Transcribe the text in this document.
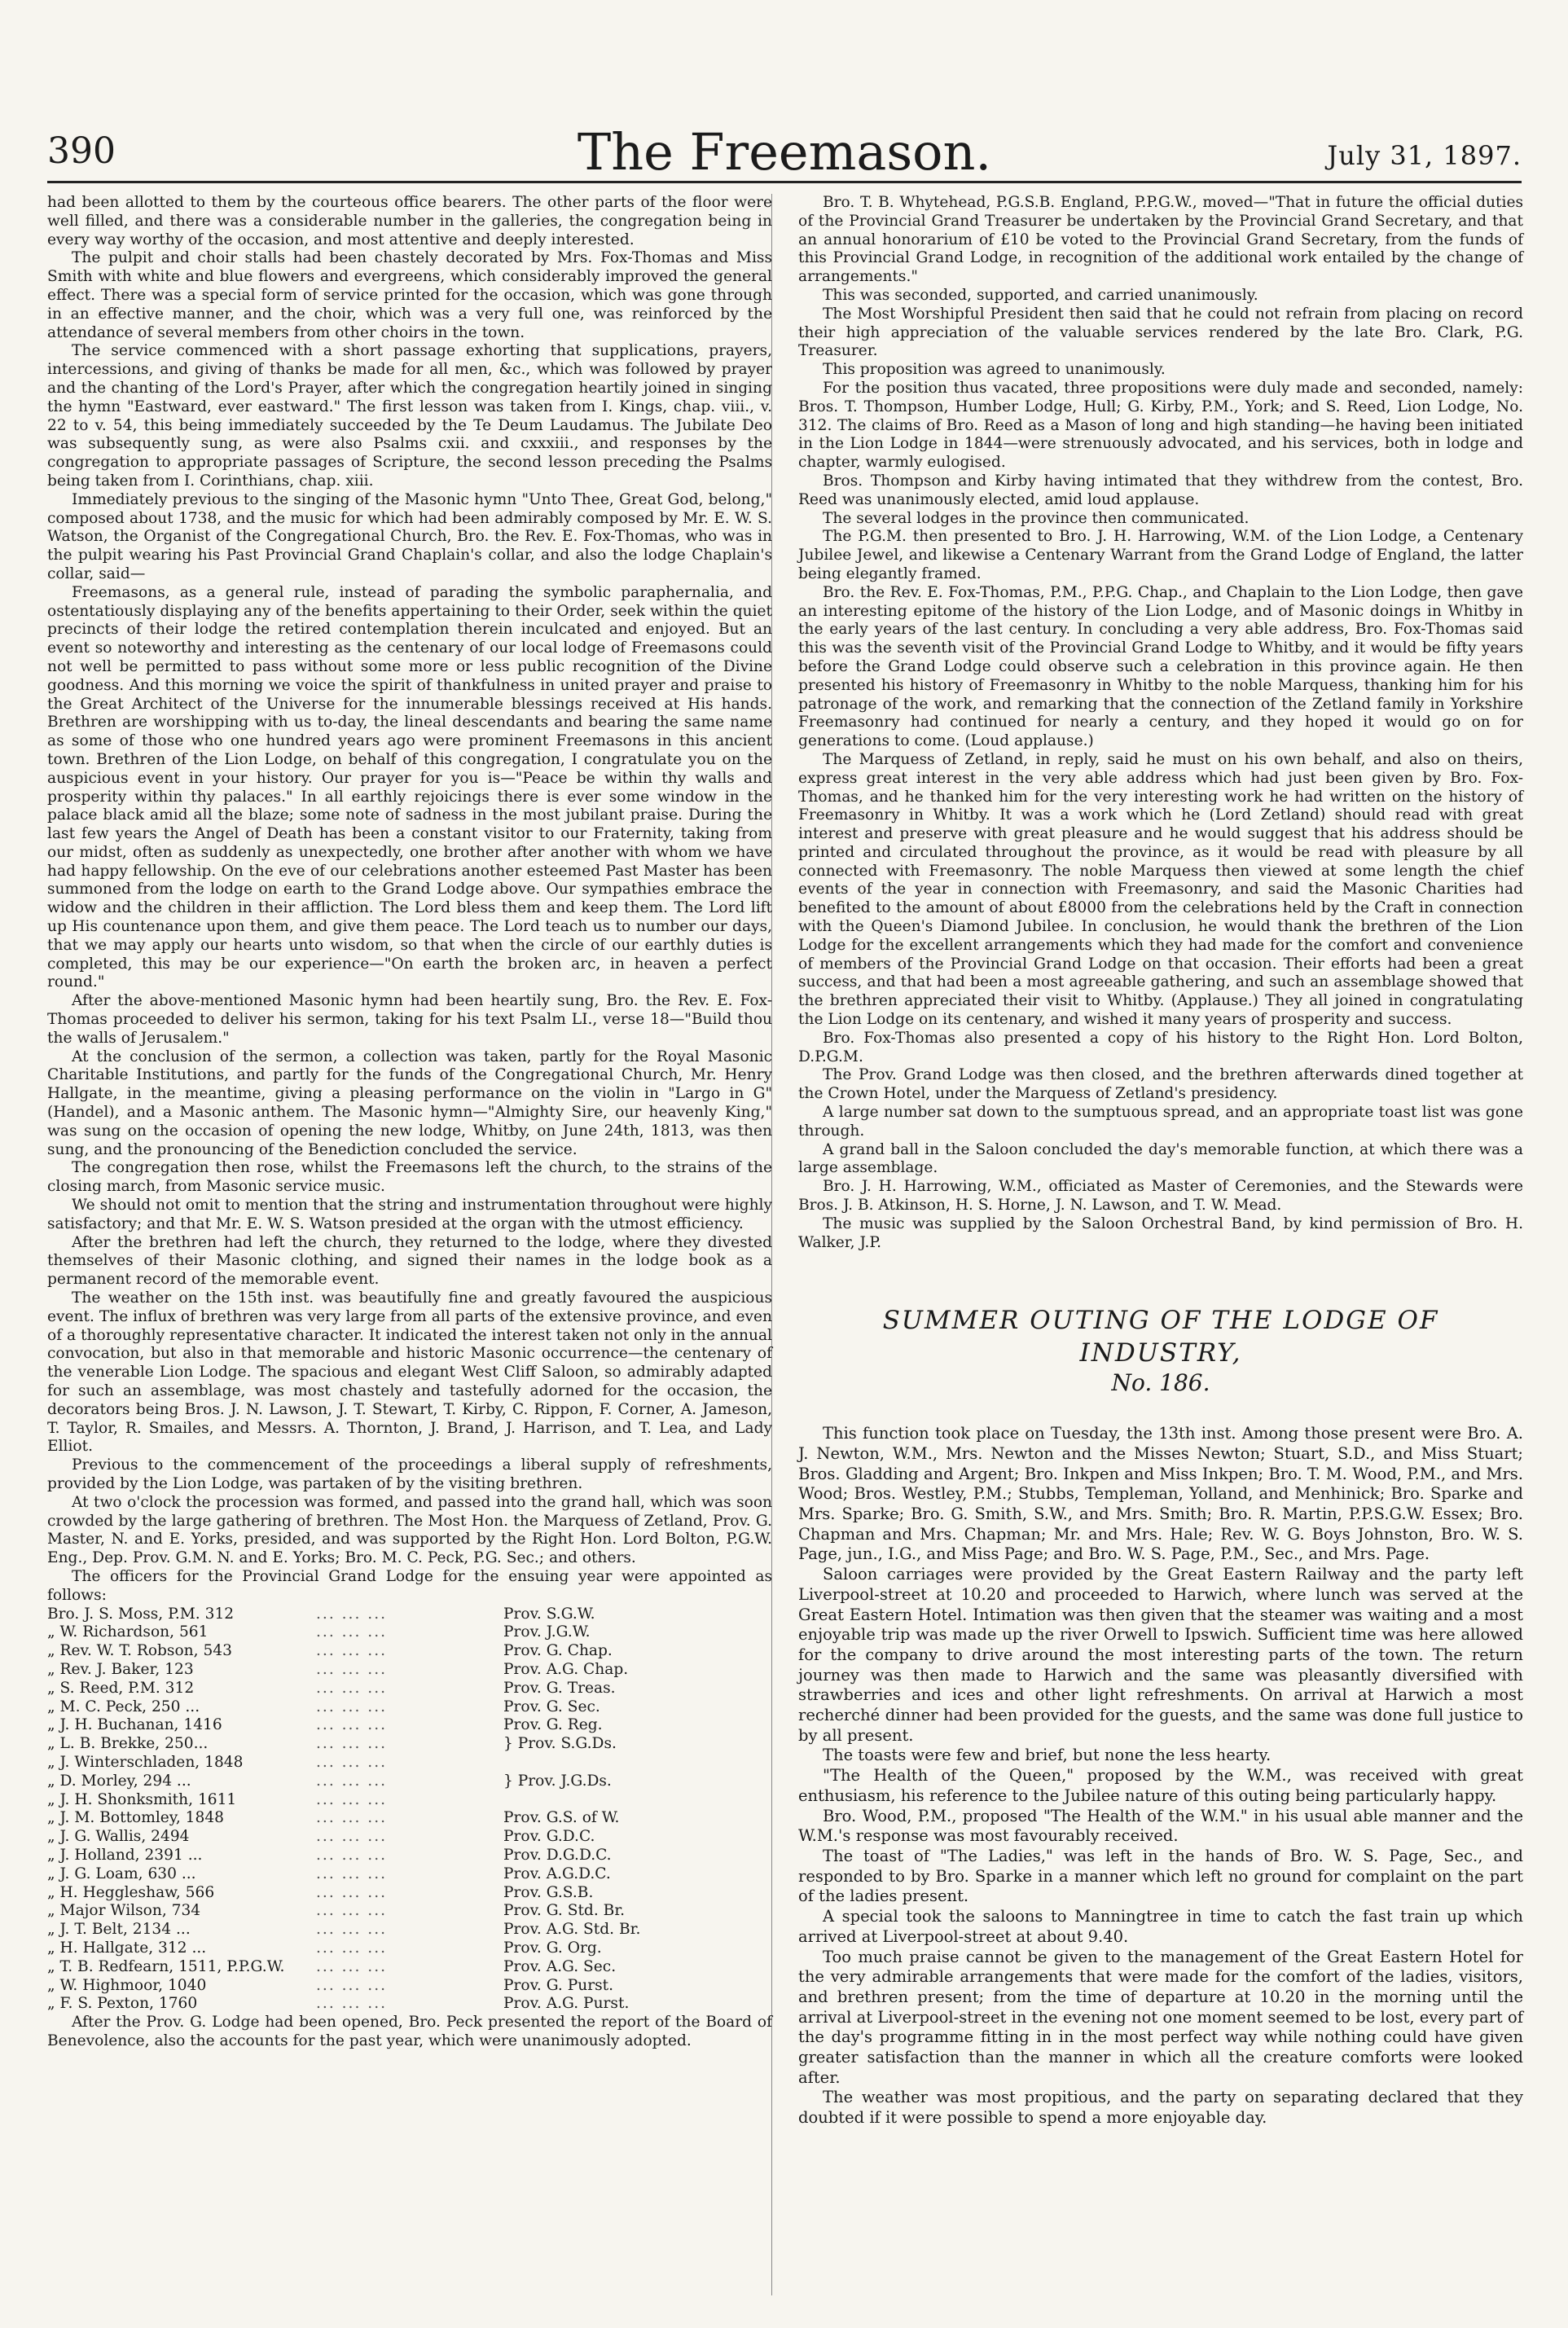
390	The Freemason.	July 31, 1897.

had been allotted to them by the courteous office bearers. The other parts of the floor were well filled, and there was a considerable number in the galleries, the congregation being in every way worthy of the occasion, and most attentive and deeply interested.

The pulpit and choir stalls had been chastely decorated by Mrs. Fox-Thomas and Miss Smith with white and blue flowers and evergreens, which considerably improved the general effect. There was a special form of service printed for the occasion, which was gone through in an effective manner, and the choir, which was a very full one, was reinforced by the attendance of several members from other choirs in the town.

The service commenced with a short passage exhorting that supplications, prayers, intercessions, and giving of thanks be made for all men, &c., which was followed by prayer and the chanting of the Lord's Prayer, after which the congregation heartily joined in singing the hymn "Eastward, ever eastward." The first lesson was taken from I. Kings, chap. viii., v. 22 to v. 54, this being immediately succeeded by the Te Deum Laudamus. The Jubilate Deo was subsequently sung, as were also Psalms cxii. and cxxxiii., and responses by the congregation to appropriate passages of Scripture, the second lesson preceding the Psalms being taken from I. Corinthians, chap. xiii.

Immediately previous to the singing of the Masonic hymn "Unto Thee, Great God, belong," composed about 1738, and the music for which had been admirably composed by Mr. E. W. S. Watson, the Organist of the Congregational Church, Bro. the Rev. E. Fox-Thomas, who was in the pulpit wearing his Past Provincial Grand Chaplain's collar, and also the lodge Chaplain's collar, said—

Freemasons, as a general rule, instead of parading the symbolic paraphernalia, and ostentatiously displaying any of the benefits appertaining to their Order, seek within the quiet precincts of their lodge the retired contemplation therein inculcated and enjoyed. But an event so noteworthy and interesting as the centenary of our local lodge of Freemasons could not well be permitted to pass without some more or less public recognition of the Divine goodness. And this morning we voice the spirit of thankfulness in united prayer and praise to the Great Architect of the Universe for the innumerable blessings received at His hands. Brethren are worshipping with us to-day, the lineal descendants and bearing the same name as some of those who one hundred years ago were prominent Freemasons in this ancient town. Brethren of the Lion Lodge, on behalf of this congregation, I congratulate you on the auspicious event in your history. Our prayer for you is—"Peace be within thy walls and prosperity within thy palaces." In all earthly rejoicings there is ever some window in the palace black amid all the blaze; some note of sadness in the most jubilant praise. During the last few years the Angel of Death has been a constant visitor to our Fraternity, taking from our midst, often as suddenly as unexpectedly, one brother after another with whom we have had happy fellowship. On the eve of our celebrations another esteemed Past Master has been summoned from the lodge on earth to the Grand Lodge above. Our sympathies embrace the widow and the children in their affliction. The Lord bless them and keep them. The Lord lift up His countenance upon them, and give them peace. The Lord teach us to number our days, that we may apply our hearts unto wisdom, so that when the circle of our earthly duties is completed, this may be our experience—"On earth the broken arc, in heaven a perfect round."

After the above-mentioned Masonic hymn had been heartily sung, Bro. the Rev. E. Fox-Thomas proceeded to deliver his sermon, taking for his text Psalm LI., verse 18—"Build thou the walls of Jerusalem."

At the conclusion of the sermon, a collection was taken, partly for the Royal Masonic Charitable Institutions, and partly for the funds of the Congregational Church, Mr. Henry Hallgate, in the meantime, giving a pleasing performance on the violin in "Largo in G" (Handel), and a Masonic anthem. The Masonic hymn—"Almighty Sire, our heavenly King," was sung on the occasion of opening the new lodge, Whitby, on June 24th, 1813, was then sung, and the pronouncing of the Benediction concluded the service.

The congregation then rose, whilst the Freemasons left the church, to the strains of the closing march, from Masonic service music.

We should not omit to mention that the string and instrumentation throughout were highly satisfactory; and that Mr. E. W. S. Watson presided at the organ with the utmost efficiency.

After the brethren had left the church, they returned to the lodge, where they divested themselves of their Masonic clothing, and signed their names in the lodge book as a permanent record of the memorable event.

The weather on the 15th inst. was beautifully fine and greatly favoured the auspicious event. The influx of brethren was very large from all parts of the extensive province, and even of a thoroughly representative character. It indicated the interest taken not only in the annual convocation, but also in that memorable and historic Masonic occurrence—the centenary of the venerable Lion Lodge. The spacious and elegant West Cliff Saloon, so admirably adapted for such an assemblage, was most chastely and tastefully adorned for the occasion, the decorators being Bros. J. N. Lawson, J. T. Stewart, T. Kirby, C. Rippon, F. Corner, A. Jameson, T. Taylor, R. Smailes, and Messrs. A. Thornton, J. Brand, J. Harrison, and T. Lea, and Lady Elliot.

Previous to the commencement of the proceedings a liberal supply of refreshments, provided by the Lion Lodge, was partaken of by the visiting brethren.

At two o'clock the procession was formed, and passed into the grand hall, which was soon crowded by the large gathering of brethren. The Most Hon. the Marquess of Zetland, Prov. G. Master, N. and E. Yorks, presided, and was supported by the Right Hon. Lord Bolton, P.G.W. Eng., Dep. Prov. G.M. N. and E. Yorks; Bro. M. C. Peck, P.G. Sec.; and others.

The officers for the Provincial Grand Lodge for the ensuing year were appointed as follows:

Bro. J. S. Moss, P.M. 312	... ... ...	Prov. S.G.W.
„ W. Richardson, 561	... ... ...	Prov. J.G.W.
„ Rev. W. T. Robson, 543	... ... ...	Prov. G. Chap.
„ Rev. J. Baker, 123	... ... ...	Prov. A.G. Chap.
„ S. Reed, P.M. 312	... ... ...	Prov. G. Treas.
„ M. C. Peck, 250 ...	... ... ...	Prov. G. Sec.
„ J. H. Buchanan, 1416	... ... ...	Prov. G. Reg.
„ L. B. Brekke, 250...	... ... ...	} Prov. S.G.Ds.
„ J. Winterschladen, 1848	... ... ...
„ D. Morley, 294 ...	... ... ...	} Prov. J.G.Ds.
„ J. H. Shonksmith, 1611	... ... ...
„ J. M. Bottomley, 1848	... ... ...	Prov. G.S. of W.
„ J. G. Wallis, 2494	... ... ...	Prov. G.D.C.
„ J. Holland, 2391 ...	... ... ...	Prov. D.G.D.C.
„ J. G. Loam, 630 ...	... ... ...	Prov. A.G.D.C.
„ H. Heggleshaw, 566	... ... ...	Prov. G.S.B.
„ Major Wilson, 734	... ... ...	Prov. G. Std. Br.
„ J. T. Belt, 2134 ...	... ... ...	Prov. A.G. Std. Br.
„ H. Hallgate, 312 ...	... ... ...	Prov. G. Org.
„ T. B. Redfearn, 1511, P.P.G.W.	... ... ...	Prov. A.G. Sec.
„ W. Highmoor, 1040	... ... ...	Prov. G. Purst.
„ F. S. Pexton, 1760	... ... ...	Prov. A.G. Purst.

After the Prov. G. Lodge had been opened, Bro. Peck presented the report of the Board of Benevolence, also the accounts for the past year, which were unanimously adopted.

Bro. T. B. Whytehead, P.G.S.B. England, P.P.G.W., moved—"That in future the official duties of the Provincial Grand Treasurer be undertaken by the Provincial Grand Secretary, and that an annual honorarium of £10 be voted to the Provincial Grand Secretary, from the funds of this Provincial Grand Lodge, in recognition of the additional work entailed by the change of arrangements."

This was seconded, supported, and carried unanimously.

The Most Worshipful President then said that he could not refrain from placing on record their high appreciation of the valuable services rendered by the late Bro. Clark, P.G. Treasurer.

This proposition was agreed to unanimously.

For the position thus vacated, three propositions were duly made and seconded, namely: Bros. T. Thompson, Humber Lodge, Hull; G. Kirby, P.M., York; and S. Reed, Lion Lodge, No. 312. The claims of Bro. Reed as a Mason of long and high standing—he having been initiated in the Lion Lodge in 1844—were strenuously advocated, and his services, both in lodge and chapter, warmly eulogised.

Bros. Thompson and Kirby having intimated that they withdrew from the contest, Bro. Reed was unanimously elected, amid loud applause.

The several lodges in the province then communicated.

The P.G.M. then presented to Bro. J. H. Harrowing, W.M. of the Lion Lodge, a Centenary Jubilee Jewel, and likewise a Centenary Warrant from the Grand Lodge of England, the latter being elegantly framed.

Bro. the Rev. E. Fox-Thomas, P.M., P.P.G. Chap., and Chaplain to the Lion Lodge, then gave an interesting epitome of the history of the Lion Lodge, and of Masonic doings in Whitby in the early years of the last century. In concluding a very able address, Bro. Fox-Thomas said this was the seventh visit of the Provincial Grand Lodge to Whitby, and it would be fifty years before the Grand Lodge could observe such a celebration in this province again. He then presented his history of Freemasonry in Whitby to the noble Marquess, thanking him for his patronage of the work, and remarking that the connection of the Zetland family in Yorkshire Freemasonry had continued for nearly a century, and they hoped it would go on for generations to come. (Loud applause.)

The Marquess of Zetland, in reply, said he must on his own behalf, and also on theirs, express great interest in the very able address which had just been given by Bro. Fox-Thomas, and he thanked him for the very interesting work he had written on the history of Freemasonry in Whitby. It was a work which he (Lord Zetland) should read with great interest and preserve with great pleasure and he would suggest that his address should be printed and circulated throughout the province, as it would be read with pleasure by all connected with Freemasonry. The noble Marquess then viewed at some length the chief events of the year in connection with Freemasonry, and said the Masonic Charities had benefited to the amount of about £8000 from the celebrations held by the Craft in connection with the Queen's Diamond Jubilee. In conclusion, he would thank the brethren of the Lion Lodge for the excellent arrangements which they had made for the comfort and convenience of members of the Provincial Grand Lodge on that occasion. Their efforts had been a great success, and that had been a most agreeable gathering, and such an assemblage showed that the brethren appreciated their visit to Whitby. (Applause.) They all joined in congratulating the Lion Lodge on its centenary, and wished it many years of prosperity and success.

Bro. Fox-Thomas also presented a copy of his history to the Right Hon. Lord Bolton, D.P.G.M.

The Prov. Grand Lodge was then closed, and the brethren afterwards dined together at the Crown Hotel, under the Marquess of Zetland's presidency.

A large number sat down to the sumptuous spread, and an appropriate toast list was gone through.

A grand ball in the Saloon concluded the day's memorable function, at which there was a large assemblage.

Bro. J. H. Harrowing, W.M., officiated as Master of Ceremonies, and the Stewards were Bros. J. B. Atkinson, H. S. Horne, J. N. Lawson, and T. W. Mead.

The music was supplied by the Saloon Orchestral Band, by kind permission of Bro. H. Walker, J.P.

SUMMER OUTING OF THE LODGE OF INDUSTRY,
No. 186.

This function took place on Tuesday, the 13th inst. Among those present were Bro. A. J. Newton, W.M., Mrs. Newton and the Misses Newton; Stuart, S.D., and Miss Stuart; Bros. Gladding and Argent; Bro. Inkpen and Miss Inkpen; Bro. T. M. Wood, P.M., and Mrs. Wood; Bros. Westley, P.M.; Stubbs, Templeman, Yolland, and Menhinick; Bro. Sparke and Mrs. Sparke; Bro. G. Smith, S.W., and Mrs. Smith; Bro. R. Martin, P.P.S.G.W. Essex; Bro. Chapman and Mrs. Chapman; Mr. and Mrs. Hale; Rev. W. G. Boys Johnston, Bro. W. S. Page, jun., I.G., and Miss Page; and Bro. W. S. Page, P.M., Sec., and Mrs. Page.

Saloon carriages were provided by the Great Eastern Railway and the party left Liverpool-street at 10.20 and proceeded to Harwich, where lunch was served at the Great Eastern Hotel. Intimation was then given that the steamer was waiting and a most enjoyable trip was made up the river Orwell to Ipswich. Sufficient time was here allowed for the company to drive around the most interesting parts of the town. The return journey was then made to Harwich and the same was pleasantly diversified with strawberries and ices and other light refreshments. On arrival at Harwich a most recherché dinner had been provided for the guests, and the same was done full justice to by all present.

The toasts were few and brief, but none the less hearty.

"The Health of the Queen," proposed by the W.M., was received with great enthusiasm, his reference to the Jubilee nature of this outing being particularly happy.

Bro. Wood, P.M., proposed "The Health of the W.M." in his usual able manner and the W.M.'s response was most favourably received.

The toast of "The Ladies," was left in the hands of Bro. W. S. Page, Sec., and responded to by Bro. Sparke in a manner which left no ground for complaint on the part of the ladies present.

A special took the saloons to Manningtree in time to catch the fast train up which arrived at Liverpool-street at about 9.40.

Too much praise cannot be given to the management of the Great Eastern Hotel for the very admirable arrangements that were made for the comfort of the ladies, visitors, and brethren present; from the time of departure at 10.20 in the morning until the arrival at Liverpool-street in the evening not one moment seemed to be lost, every part of the day's programme fitting in in the most perfect way while nothing could have given greater satisfaction than the manner in which all the creature comforts were looked after.

The weather was most propitious, and the party on separating declared that they doubted if it were possible to spend a more enjoyable day.
